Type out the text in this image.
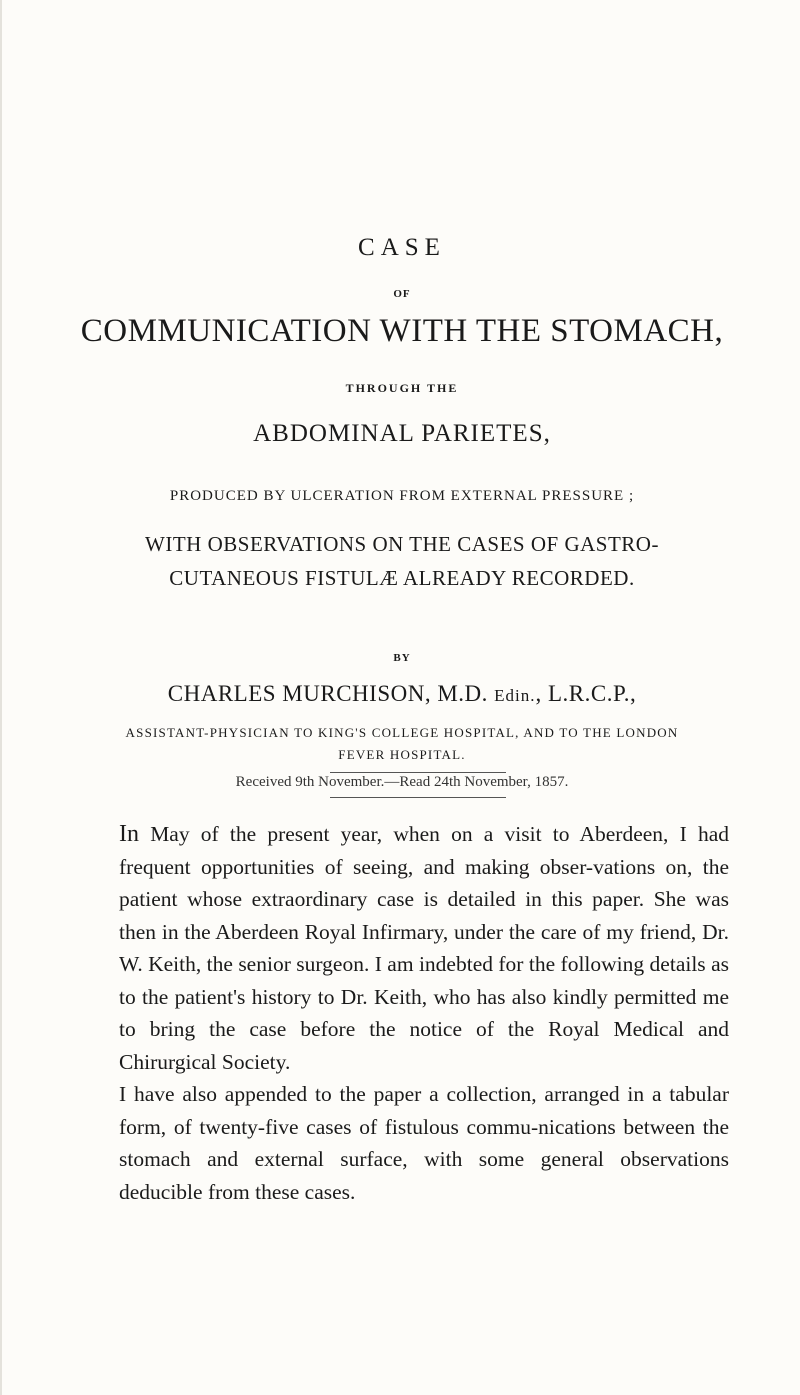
CASE
OF
COMMUNICATION WITH THE STOMACH,
THROUGH THE
ABDOMINAL PARIETES,
PRODUCED BY ULCERATION FROM EXTERNAL PRESSURE ;
WITH OBSERVATIONS ON THE CASES OF GASTRO-
CUTANEOUS FISTULÆ ALREADY RECORDED.
BY
CHARLES MURCHISON, M.D. Edin., L.R.C.P.,
ASSISTANT-PHYSICIAN TO KING'S COLLEGE HOSPITAL, AND TO THE LONDON
FEVER HOSPITAL.
Received 9th November.—Read 24th November, 1857.

In May of the present year, when on a visit to Aberdeen, I had frequent opportunities of seeing, and making obser-vations on, the patient whose extraordinary case is detailed in this paper. She was then in the Aberdeen Royal Infirmary, under the care of my friend, Dr. W. Keith, the senior surgeon. I am indebted for the following details as to the patient's history to Dr. Keith, who has also kindly permitted me to bring the case before the notice of the Royal Medical and Chirurgical Society.

I have also appended to the paper a collection, arranged in a tabular form, of twenty-five cases of fistulous commu-nications between the stomach and external surface, with some general observations deducible from these cases.
